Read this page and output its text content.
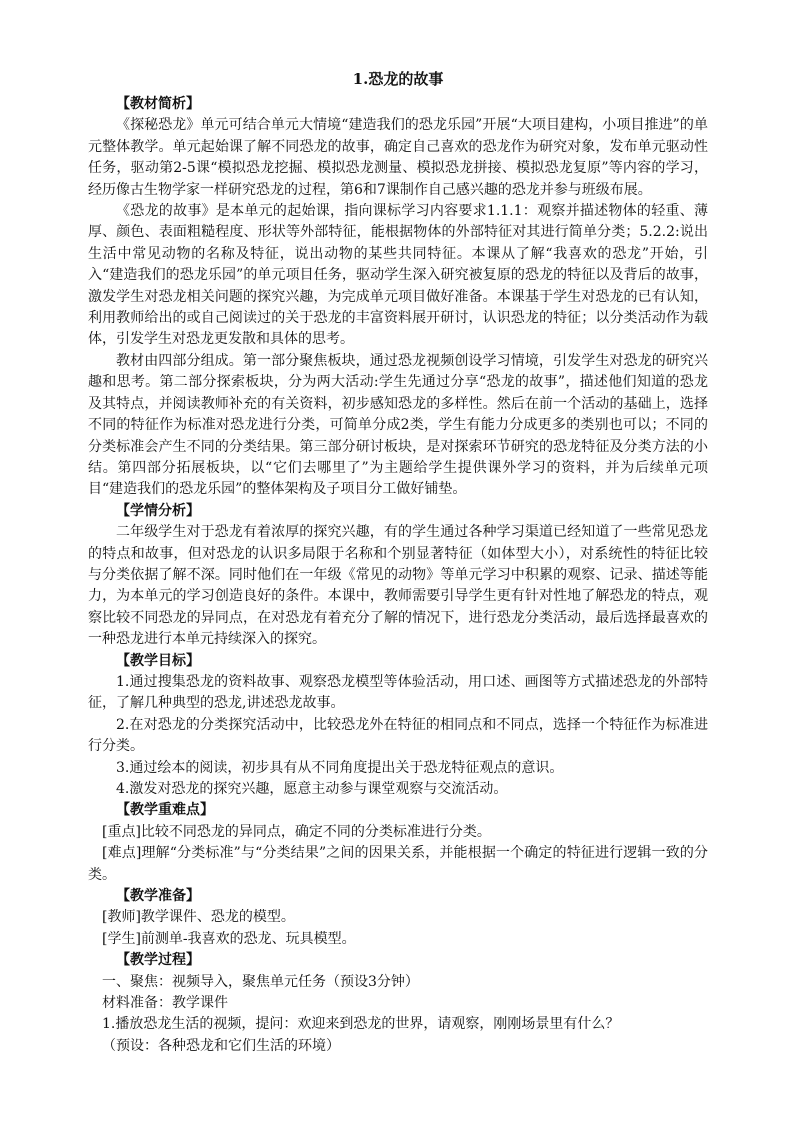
1.恐龙的故事
【教材简析】

《探秘恐龙》单元可结合单元大情境“建造我们的恐龙乐园”开展“大项目建构，小项目推进”的单元整体教学。单元起始课了解不同恐龙的故事，确定自己喜欢的恐龙作为研究对象，发布单元驱动性任务，驱动第2-5课“模拟恐龙挖掘、模拟恐龙测量、模拟恐龙拼接、模拟恐龙复原”等内容的学习，经历像古生物学家一样研究恐龙的过程，第6和7课制作自己感兴趣的恐龙并参与班级布展。

《恐龙的故事》是本单元的起始课，指向课标学习内容要求1.1.1：观察并描述物体的轻重、薄厚、颜色、表面粗糙程度、形状等外部特征，能根据物体的外部特征对其进行简单分类；5.2.2:说出生活中常见动物的名称及特征，说出动物的某些共同特征。本课从了解“我喜欢的恐龙”开始，引入“建造我们的恐龙乐园”的单元项目任务，驱动学生深入研究被复原的恐龙的特征以及背后的故事，激发学生对恐龙相关问题的探究兴趣，为完成单元项目做好准备。本课基于学生对恐龙的已有认知，利用教师给出的或自己阅读过的关于恐龙的丰富资料展开研讨，认识恐龙的特征；以分类活动作为载体，引发学生对恐龙更发散和具体的思考。

教材由四部分组成。第一部分聚焦板块，通过恐龙视频创设学习情境，引发学生对恐龙的研究兴趣和思考。第二部分探索板块，分为两大活动:学生先通过分享“恐龙的故事”，描述他们知道的恐龙及其特点，并阅读教师补充的有关资料，初步感知恐龙的多样性。然后在前一个活动的基础上，选择不同的特征作为标准对恐龙进行分类，可简单分成2类，学生有能力分成更多的类别也可以；不同的分类标准会产生不同的分类结果。第三部分研讨板块，是对探索环节研究的恐龙特征及分类方法的小结。第四部分拓展板块，以“它们去哪里了”为主题给学生提供课外学习的资料，并为后续单元项目“建造我们的恐龙乐园”的整体架构及子项目分工做好铺垫。

【学情分析】

二年级学生对于恐龙有着浓厚的探究兴趣，有的学生通过各种学习渠道已经知道了一些常见恐龙的特点和故事，但对恐龙的认识多局限于名称和个别显著特征（如体型大小），对系统性的特征比较与分类依据了解不深。同时他们在一年级《常见的动物》等单元学习中积累的观察、记录、描述等能力，为本单元的学习创造良好的条件。本课中，教师需要引导学生更有针对性地了解恐龙的特点，观察比较不同恐龙的异同点，在对恐龙有着充分了解的情况下，进行恐龙分类活动，最后选择最喜欢的一种恐龙进行本单元持续深入的探究。

【教学目标】

1.通过搜集恐龙的资料故事、观察恐龙模型等体验活动，用口述、画图等方式描述恐龙的外部特征，了解几种典型的恐龙,讲述恐龙故事。

2.在对恐龙的分类探究活动中，比较恐龙外在特征的相同点和不同点，选择一个特征作为标准进行分类。

3.通过绘本的阅读，初步具有从不同角度提出关于恐龙特征观点的意识。

4.激发对恐龙的探究兴趣，愿意主动参与课堂观察与交流活动。

【教学重难点】

[重点]比较不同恐龙的异同点，确定不同的分类标准进行分类。

[难点]理解“分类标准”与“分类结果”之间的因果关系，并能根据一个确定的特征进行逻辑一致的分类。

【教学准备】

[教师]教学课件、恐龙的模型。

[学生]前测单-我喜欢的恐龙、玩具模型。

【教学过程】

一、聚焦：视频导入，聚焦单元任务（预设3分钟）

材料准备：教学课件

1.播放恐龙生活的视频，提问：欢迎来到恐龙的世界，请观察，刚刚场景里有什么？

（预设：各种恐龙和它们生活的环境）
